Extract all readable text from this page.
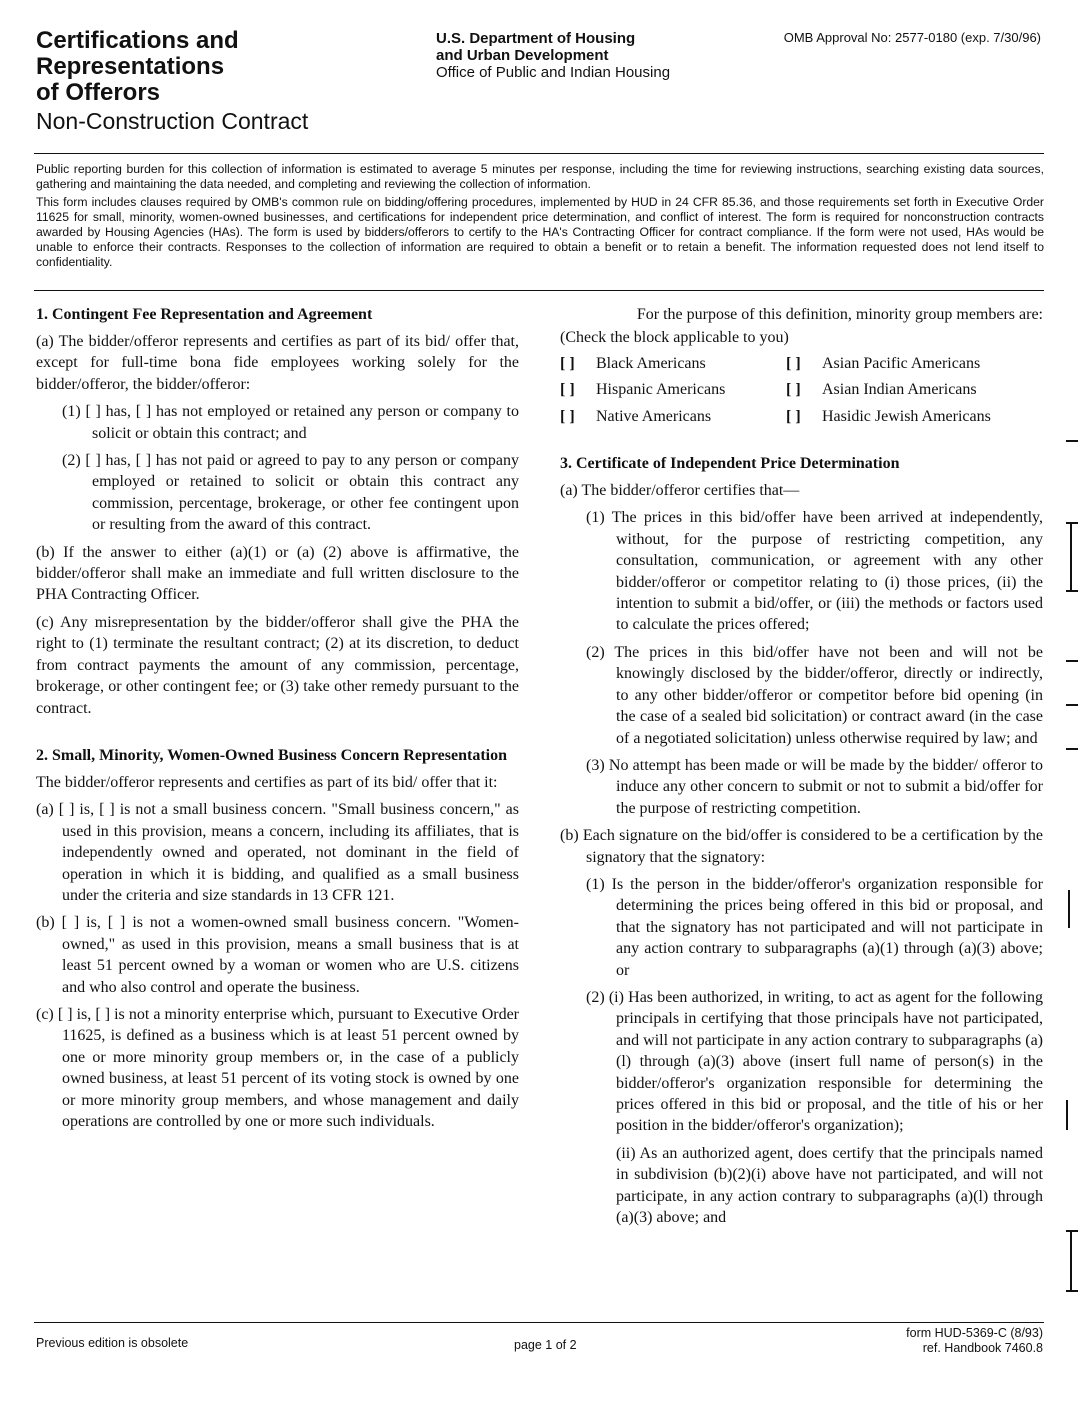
Certifications and
Representations
of Offerors
Non-Construction Contract
U.S. Department of Housing
and Urban Development
Office of Public and Indian Housing
OMB Approval No: 2577-0180 (exp. 7/30/96)

Public reporting burden for this collection of information is estimated to average 5 minutes per response, including the time for reviewing instructions, searching existing data sources, gathering and maintaining the data needed, and completing and reviewing the collection of information.

This form includes clauses required by OMB's common rule on bidding/offering procedures, implemented by HUD in 24 CFR 85.36, and those requirements set forth in Executive Order 11625 for small, minority, women-owned businesses, and certifications for independent price determination, and conflict of interest. The form is required for nonconstruction contracts awarded by Housing Agencies (HAs). The form is used by bidders/offerors to certify to the HA's Contracting Officer for contract compliance. If the form were not used, HAs would be unable to enforce their contracts. Responses to the collection of information are required to obtain a benefit or to retain a benefit. The information requested does not lend itself to confidentiality.

1. Contingent Fee Representation and Agreement

(a) The bidder/offeror represents and certifies as part of its bid/ offer that, except for full-time bona fide employees working solely for the bidder/offeror, the bidder/offeror:

(1) [ ] has, [ ] has not employed or retained any person or company to solicit or obtain this contract; and

(2) [ ] has, [ ] has not paid or agreed to pay to any person or company employed or retained to solicit or obtain this contract any commission, percentage, brokerage, or other fee contingent upon or resulting from the award of this contract.

(b) If the answer to either (a)(1) or (a) (2) above is affirmative, the bidder/offeror shall make an immediate and full written disclosure to the PHA Contracting Officer.

(c) Any misrepresentation by the bidder/offeror shall give the PHA the right to (1) terminate the resultant contract; (2) at its discretion, to deduct from contract payments the amount of any commission, percentage, brokerage, or other contingent fee; or (3) take other remedy pursuant to the contract.

2. Small, Minority, Women-Owned Business Concern Representation

The bidder/offeror represents and certifies as part of its bid/ offer that it:

(a) [ ] is, [ ] is not a small business concern. "Small business concern," as used in this provision, means a concern, including its affiliates, that is independently owned and operated, not dominant in the field of operation in which it is bidding, and qualified as a small business under the criteria and size standards in 13 CFR 121.

(b) [ ] is, [ ] is not a women-owned small business concern. "Women-owned," as used in this provision, means a small business that is at least 51 percent owned by a woman or women who are U.S. citizens and who also control and operate the business.

(c) [ ] is, [ ] is not a minority enterprise which, pursuant to Executive Order 11625, is defined as a business which is at least 51 percent owned by one or more minority group members or, in the case of a publicly owned business, at least 51 percent of its voting stock is owned by one or more minority group members, and whose management and daily operations are controlled by one or more such individuals.

For the purpose of this definition, minority group members are:

(Check the block applicable to you)

[ ] Black Americans	[ ] Asian Pacific Americans
[ ] Hispanic Americans	[ ] Asian Indian Americans
[ ] Native Americans	[ ] Hasidic Jewish Americans
3. Certificate of Independent Price Determination

(a) The bidder/offeror certifies that—

(1) The prices in this bid/offer have been arrived at independently, without, for the purpose of restricting competition, any consultation, communication, or agreement with any other bidder/offeror or competitor relating to (i) those prices, (ii) the intention to submit a bid/offer, or (iii) the methods or factors used to calculate the prices offered;

(2) The prices in this bid/offer have not been and will not be knowingly disclosed by the bidder/offeror, directly or indirectly, to any other bidder/offeror or competitor before bid opening (in the case of a sealed bid solicitation) or contract award (in the case of a negotiated solicitation) unless otherwise required by law; and

(3) No attempt has been made or will be made by the bidder/ offeror to induce any other concern to submit or not to submit a bid/offer for the purpose of restricting competition.

(b) Each signature on the bid/offer is considered to be a certification by the signatory that the signatory:

(1) Is the person in the bidder/offeror's organization responsible for determining the prices being offered in this bid or proposal, and that the signatory has not participated and will not participate in any action contrary to subparagraphs (a)(1) through (a)(3) above; or

(2) (i) Has been authorized, in writing, to act as agent for the following principals in certifying that those principals have not participated, and will not participate in any action contrary to subparagraphs (a)(l) through (a)(3) above (insert full name of person(s) in the bidder/offeror's organization responsible for determining the prices offered in this bid or proposal, and the title of his or her position in the bidder/offeror's organization);

(ii) As an authorized agent, does certify that the principals named in subdivision (b)(2)(i) above have not participated, and will not participate, in any action contrary to subparagraphs (a)(l) through (a)(3) above; and

Previous edition is obsolete	page 1 of 2
form HUD-5369-C (8/93)
ref. Handbook 7460.8
